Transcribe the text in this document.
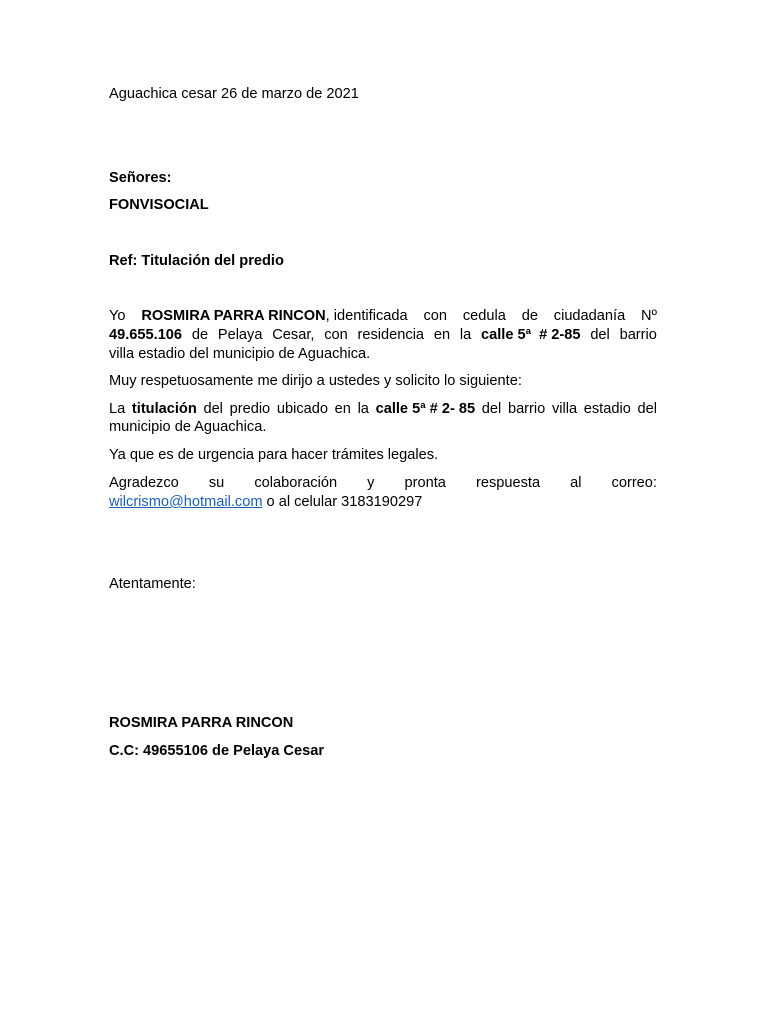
Aguachica cesar 26 de marzo de 2021
Señores:
FONVISOCIAL
Ref: Titulación del predio
Yo ROSMIRA PARRA RINCON, identificada con cedula de ciudadanía Nº
49.655.106 de Pelaya Cesar, con residencia en la calle 5ª  # 2-85 del barrio
villa estadio del municipio de Aguachica.
Muy respetuosamente me dirijo a ustedes y solicito lo siguiente:
La titulación del predio ubicado en la calle 5ª # 2- 85 del barrio villa estadio del
municipio de Aguachica.
Ya que es de urgencia para hacer trámites legales.
Agradezco su colaboración y pronta respuesta al correo:
wilcrismo@hotmail.com o al celular 3183190297
Atentamente:
ROSMIRA PARRA RINCON
C.C: 49655106 de Pelaya Cesar
